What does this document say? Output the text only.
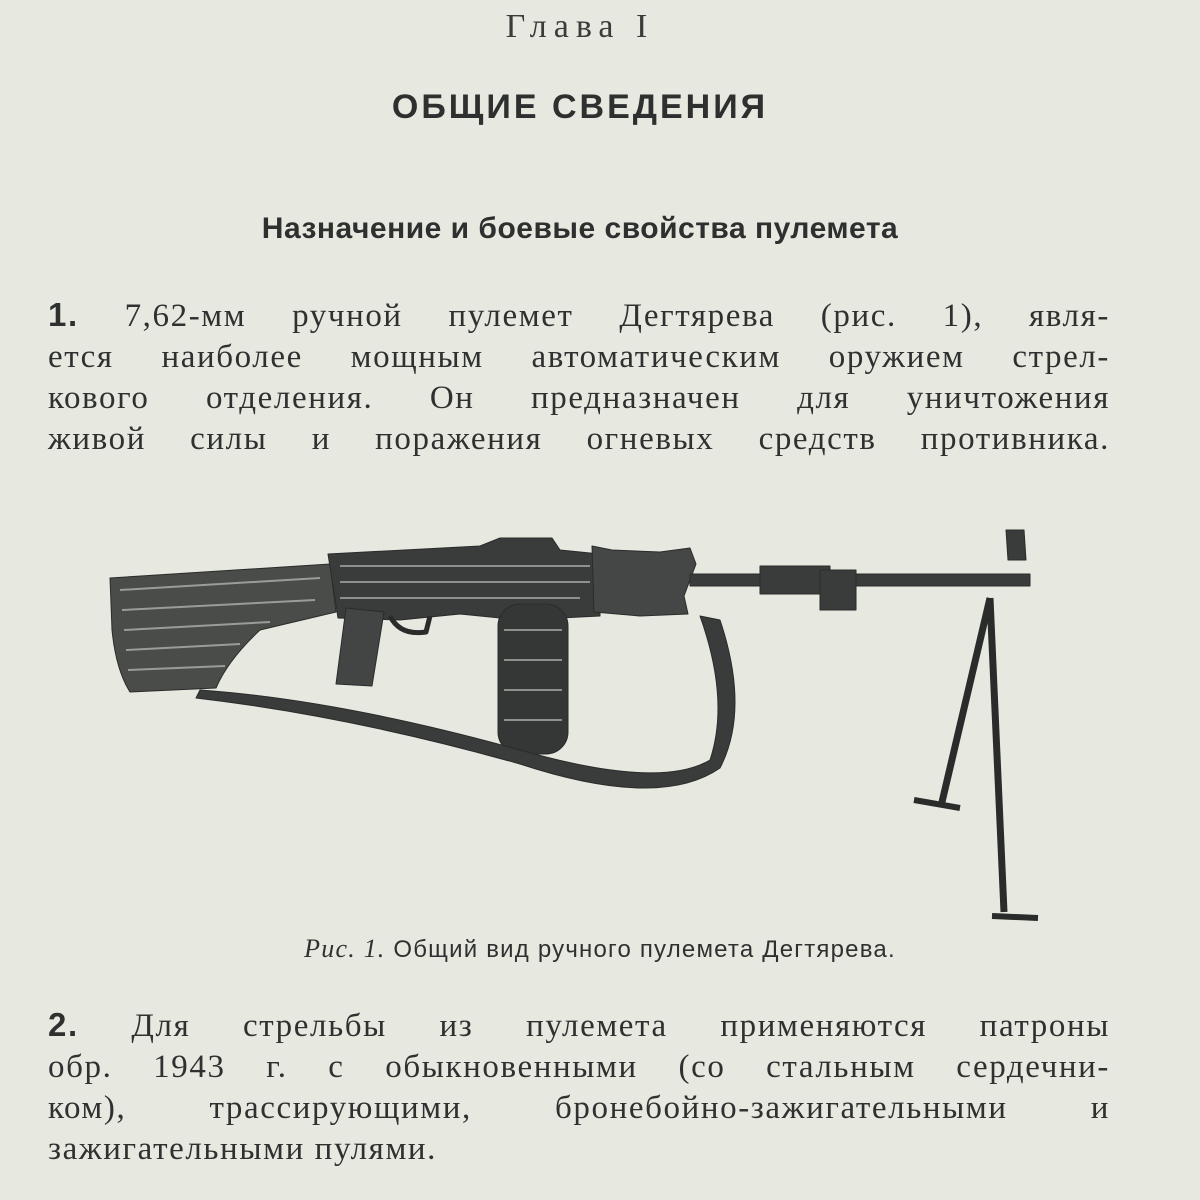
Глава I
ОБЩИЕ СВЕДЕНИЯ
Назначение и боевые свойства пулемета

1. 7,62-мм ручной пулемет Дегтярева (рис. 1), явля-
ется наиболее мощным автоматическим оружием стрел-
кового отделения. Он предназначен для уничтожения
живой силы и поражения огневых средств противника.

Рис. 1. Общий вид ручного пулемета Дегтярева.

2. Для стрельбы из пулемета применяются патроны
обр. 1943 г. с обыкновенными (со стальным сердечни-
ком), трассирующими, бронебойно-зажигательными и
зажигательными пулями.
